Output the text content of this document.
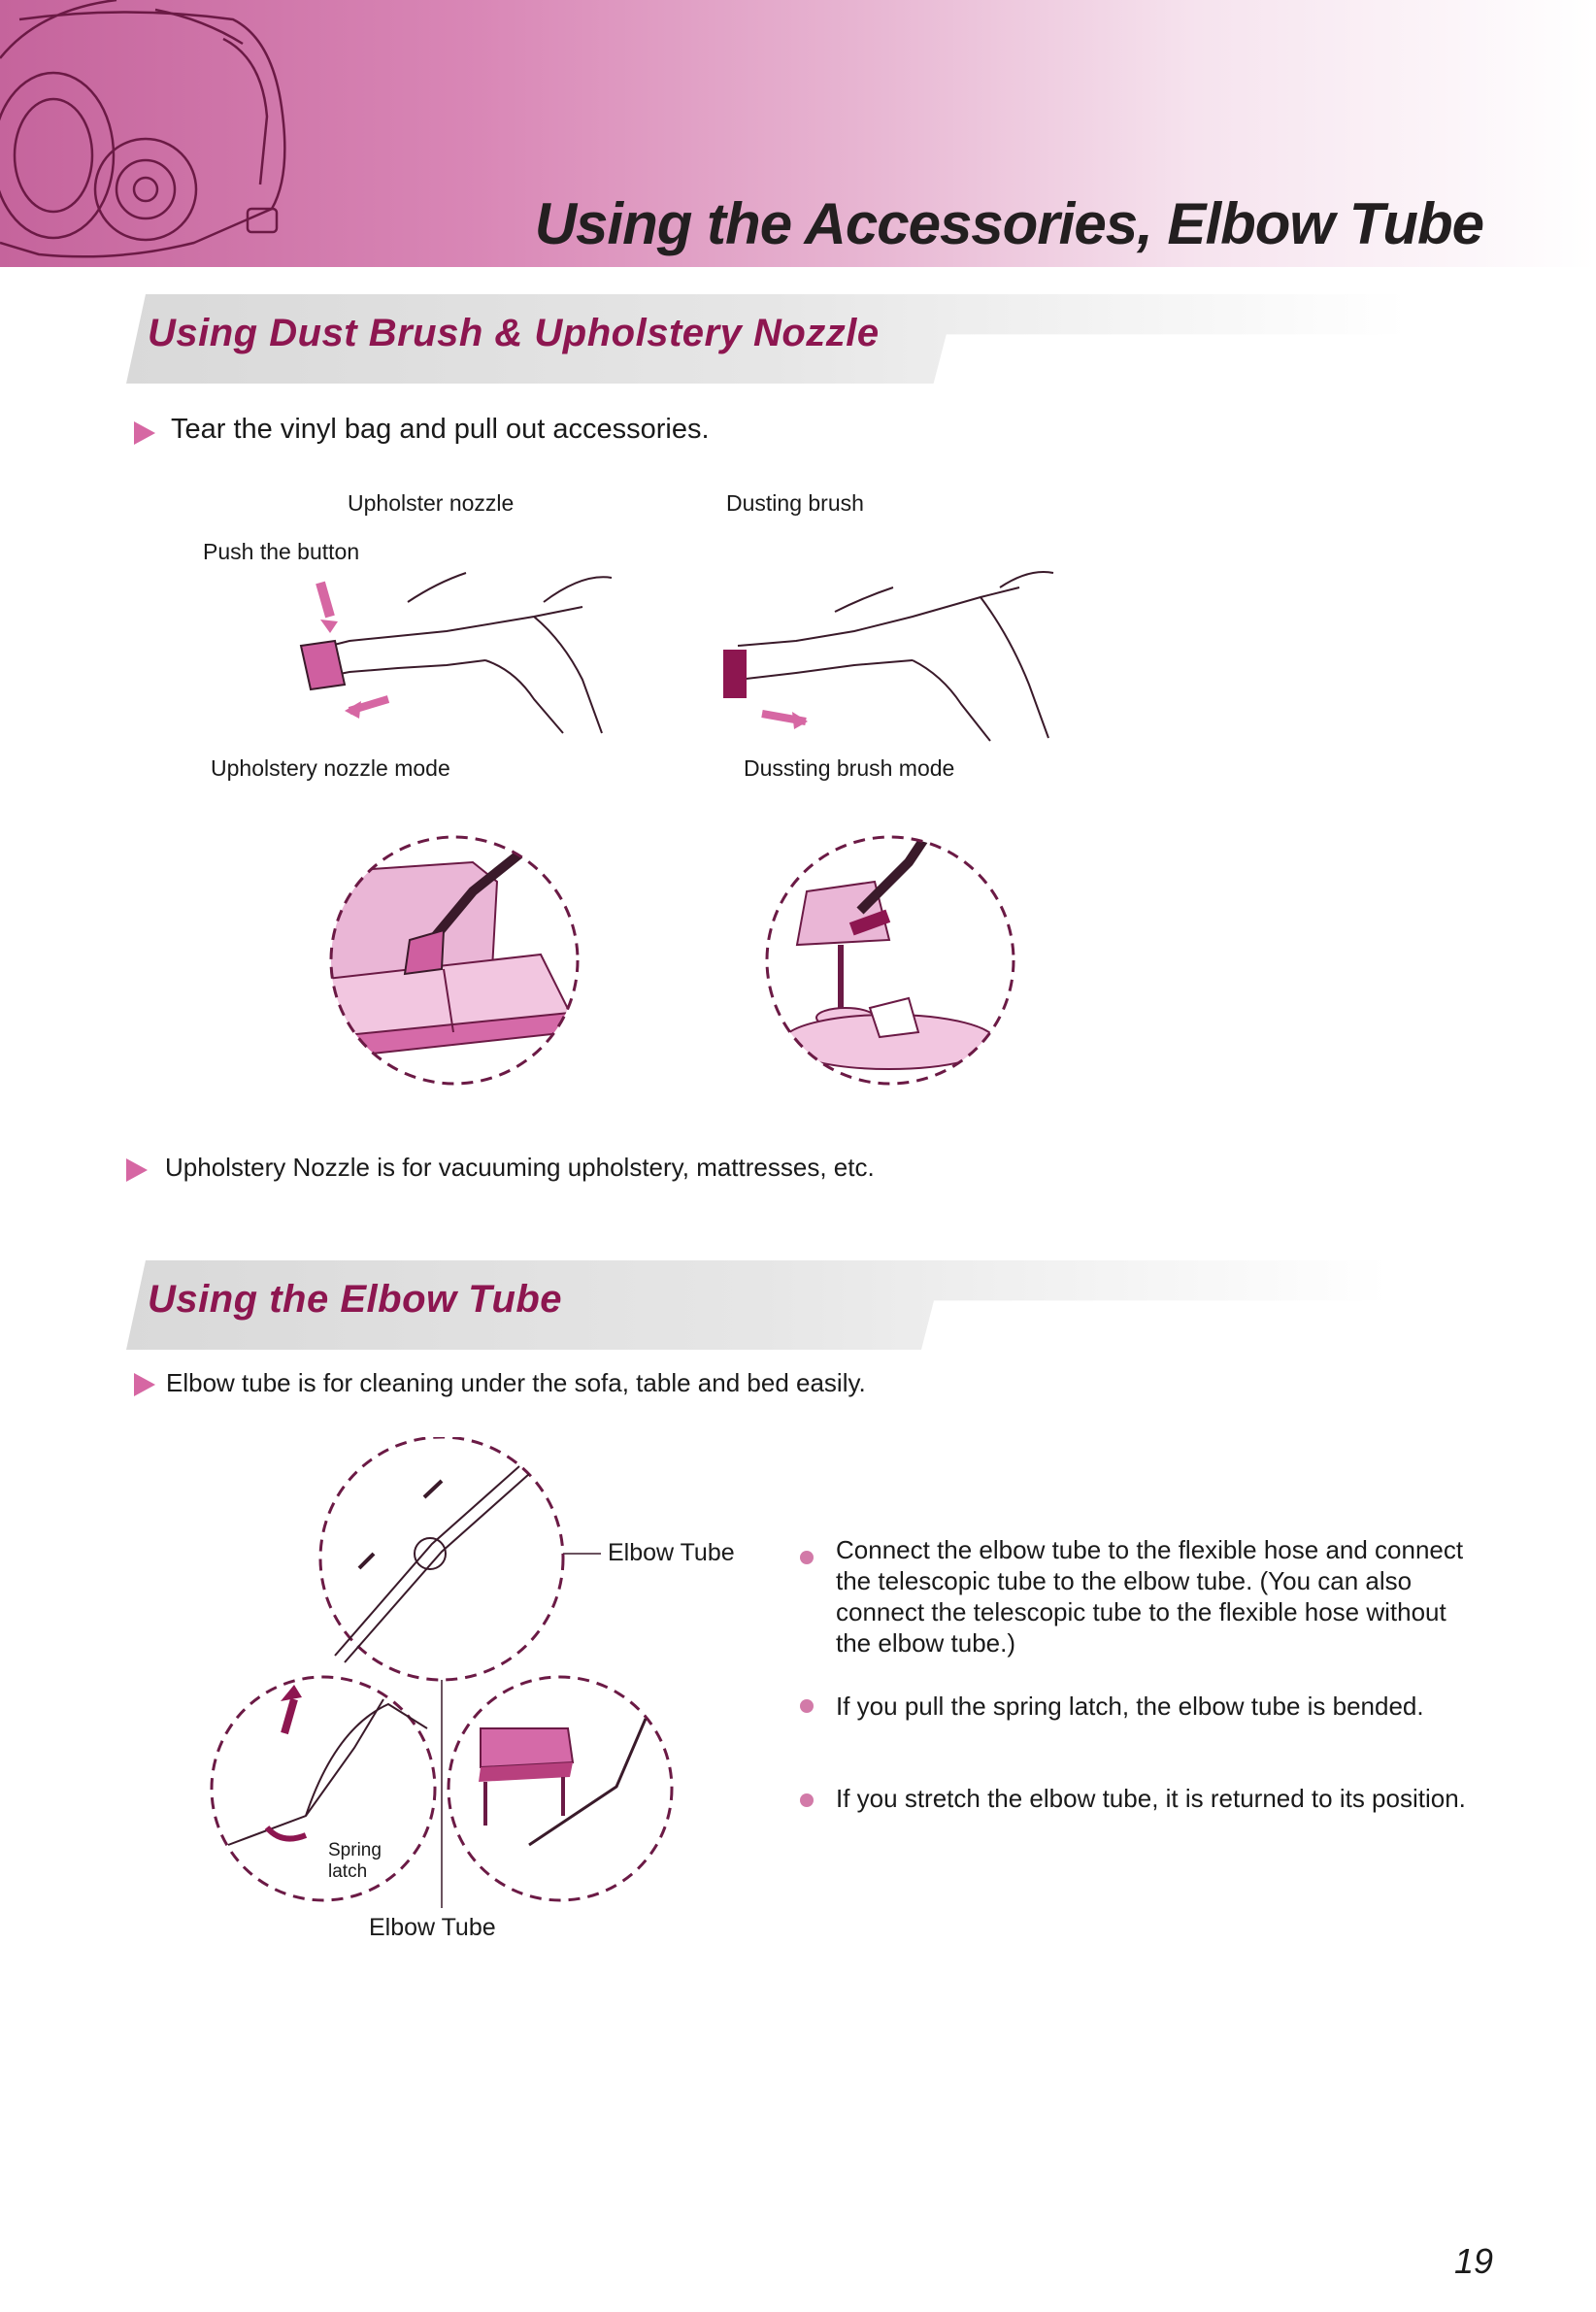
Using the Accessories, Elbow Tube
Using Dust Brush & Upholstery Nozzle
Tear the vinyl bag and pull out accessories.
Upholster nozzle	Dusting brush
Push the button
Upholstery nozzle mode	Dussting brush mode
Upholstery Nozzle is for vacuuming upholstery, mattresses, etc.
Using the Elbow Tube
Elbow tube is for cleaning under the sofa, table and bed easily.
Elbow Tube
Spring
latch
Elbow Tube
Connect the elbow tube to the flexible hose and connect the telescopic tube to the elbow tube. (You can also connect the telescopic tube to the flexible hose without the elbow tube.)
If you pull the spring latch, the elbow tube is bended.
If you stretch the elbow tube, it is returned to its position.
19
